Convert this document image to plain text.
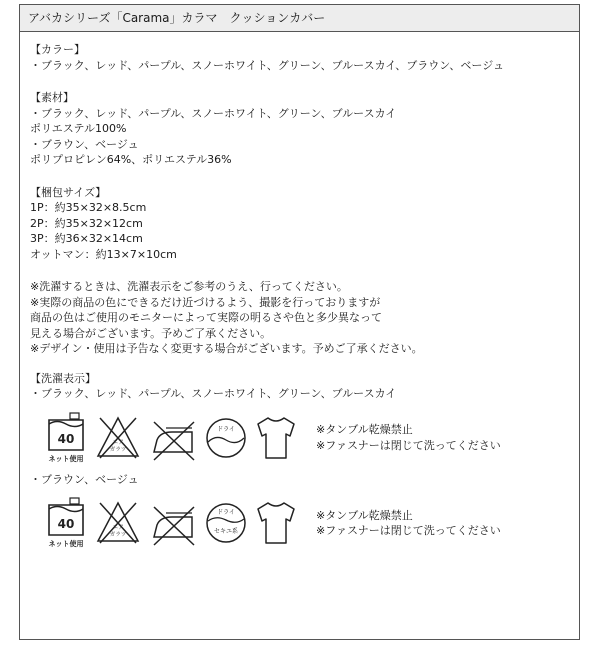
アバカシリーズ「Carama」カラマ　クッションカバー
【カラー】
・ブラック、レッド、パープル、スノーホワイト、グリーン、ブルースカイ、ブラウン、ベージュ
【素材】
・ブラック、レッド、パープル、スノーホワイト、グリーン、ブルースカイ
ポリエステル100%
・ブラウン、ベージュ
ポリプロピレン64%、ポリエステル36%
【梱包サイズ】
1P：約35×32×8.5cm
2P：約35×32×12cm
3P：約36×32×14cm
オットマン：約13×7×10cm
※洗濯するときは、洗濯表示をご参考のうえ、行ってください。
※実際の商品の色にできるだけ近づけるよう、撮影を行っておりますが
商品の色はご使用のモニターによって実際の明るさや色と多少異なって
見える場合がございます。予めご了承ください。
※デザイン・使用は予告なく変更する場合がございます。予めご了承ください。
【洗濯表示】
・ブラック、レッド、パープル、スノーホワイト、グリーン、ブルースカイ
40
ネット使用
エア
ガラツ
ドライ	※タンブル乾燥禁止
※ファスナーは閉じて洗ってください
・ブラウン、ベージュ
40
ネット使用
エア
ガラツ
ドライ
セキユ系
※タンブル乾燥禁止
※ファスナーは閉じて洗ってください
